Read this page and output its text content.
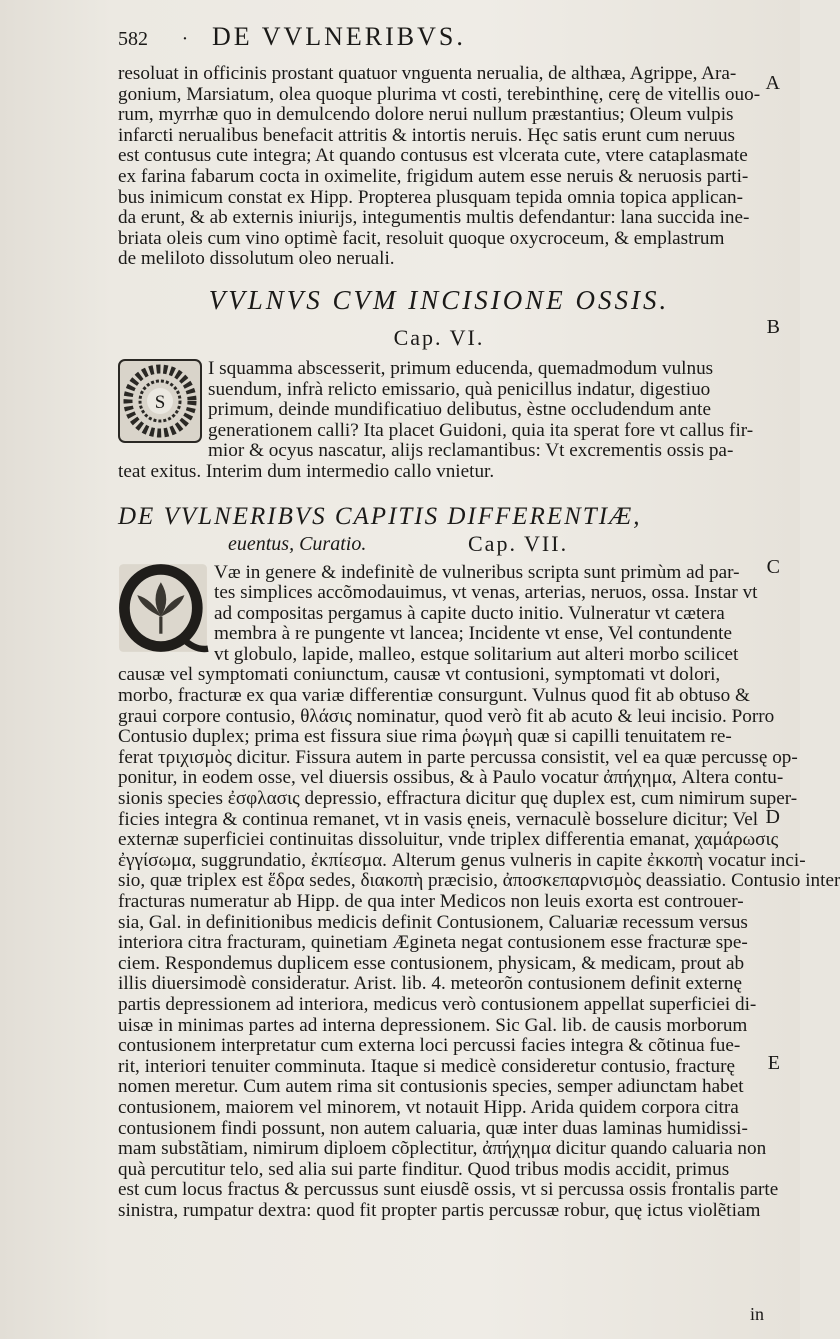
582	· DE VVLNERIBVS.
A
B
C
D
E
resoluat in officinis prostant quatuor vnguenta nerualia, de althæa, Agrippe, Ara-
gonium, Marsiatum, olea quoque plurima vt costi, terebinthinę, cerę de vitellis ouo-
rum, myrrhæ quo in demulcendo dolore nerui nullum præstantius; Oleum vulpis
infarcti nerualibus benefacit attritis & intortis neruis. Hęc satis erunt cum neruus
est contusus cute integra; At quando contusus est vlcerata cute, vtere cataplasmate
ex farina fabarum cocta in oximelite, frigidum autem esse neruis & neruosis parti-
bus inimicum constat ex Hipp. Propterea plusquam tepida omnia topica applican-
da erunt, & ab externis iniurijs, integumentis multis defendantur: lana succida ine-
briata oleis cum vino optimè facit, resoluit quoque oxycroceum, & emplastrum
de meliloto dissolutum oleo neruali.
VVLNVS CVM INCISIONE OSSIS.
Cap. VI.
S
I squamma abscesserit, primum educenda, quemadmodum vulnus
suendum, infrà relicto emissario, quà penicillus indatur, digestiuo
primum, deinde mundificatiuo delibutus, èstne occludendum ante
generationem calli? Ita placet Guidoni, quia ita sperat fore vt callus fir-
mior & ocyus nascatur, alijs reclamantibus: Vt excrementis ossis pa-
teat exitus. Interim dum intermedio callo vnietur.
DE VVLNERIBVS CAPITIS DIFFERENTIÆ,
euentus, Curatio.	Cap. VII.
Væ in genere & indefinitè de vulneribus scripta sunt primùm ad par-
tes simplices accõmodauimus, vt venas, arterias, neruos, ossa. Instar vt
ad compositas pergamus à capite ducto initio. Vulneratur vt cætera
membra à re pungente vt lancea; Incidente vt ense, Vel contundente
vt globulo, lapide, malleo, estque solitarium aut alteri morbo scilicet
causæ vel symptomati coniunctum, causæ vt contusioni, symptomati vt dolori,
morbo, fracturæ ex qua variæ differentiæ consurgunt. Vulnus quod fit ab obtuso &
graui corpore contusio, θλάσις nominatur, quod verò fit ab acuto & leui incisio. Porro
Contusio duplex; prima est fissura siue rima ῥωγμὴ quæ si capilli tenuitatem re-
ferat τριχισμὸς dicitur. Fissura autem in parte percussa consistit, vel ea quæ percussę op-
ponitur, in eodem osse, vel diuersis ossibus, & à Paulo vocatur ἀπήχημα, Altera contu-
sionis species ἐσφλασις depressio, effractura dicitur quę duplex est, cum nimirum super-
ficies integra & continua remanet, vt in vasis ęneis, vernaculè bosselure dicitur; Vel
externæ superficiei continuitas dissoluitur, vnde triplex differentia emanat, χαμάρωσις
ἐγγίσωμα, suggrundatio, ἐκπίεσμα. Alterum genus vulneris in capite ἐκκοπὴ vocatur inci-
sio, quæ triplex est ἕδρα sedes, διακοπὴ præcisio, ἀποσκεπαρνισμὸς deassiatio. Contusio inter
fracturas numeratur ab Hipp. de qua inter Medicos non leuis exorta est controuer-
sia, Gal. in definitionibus medicis definit Contusionem, Caluariæ recessum versus
interiora citra fracturam, quinetiam Ægineta negat contusionem esse fracturæ spe-
ciem. Respondemus duplicem esse contusionem, physicam, & medicam, prout ab
illis diuersimodè consideratur. Arist. lib. 4. meteorõn contusionem definit externę
partis depressionem ad interiora, medicus verò contusionem appellat superficiei di-
uisæ in minimas partes ad interna depressionem. Sic Gal. lib. de causis morborum
contusionem interpretatur cum externa loci percussi facies integra & cõtinua fue-
rit, interiori tenuiter comminuta. Itaque si medicè consideretur contusio, fracturę
nomen meretur. Cum autem rima sit contusionis species, semper adiunctam habet
contusionem, maiorem vel minorem, vt notauit Hipp. Arida quidem corpora citra
contusionem findi possunt, non autem caluaria, quæ inter duas laminas humidissi-
mam substãtiam, nimirum diploem cõplectitur, ἀπήχημα dicitur quando caluaria non
quà percutitur telo, sed alia sui parte finditur. Quod tribus modis accidit, primus
est cum locus fractus & percussus sunt eiusdẽ ossis, vt si percussa ossis frontalis parte
sinistra, rumpatur dextra: quod fit propter partis percussæ robur, quę ictus violẽtiam
in
